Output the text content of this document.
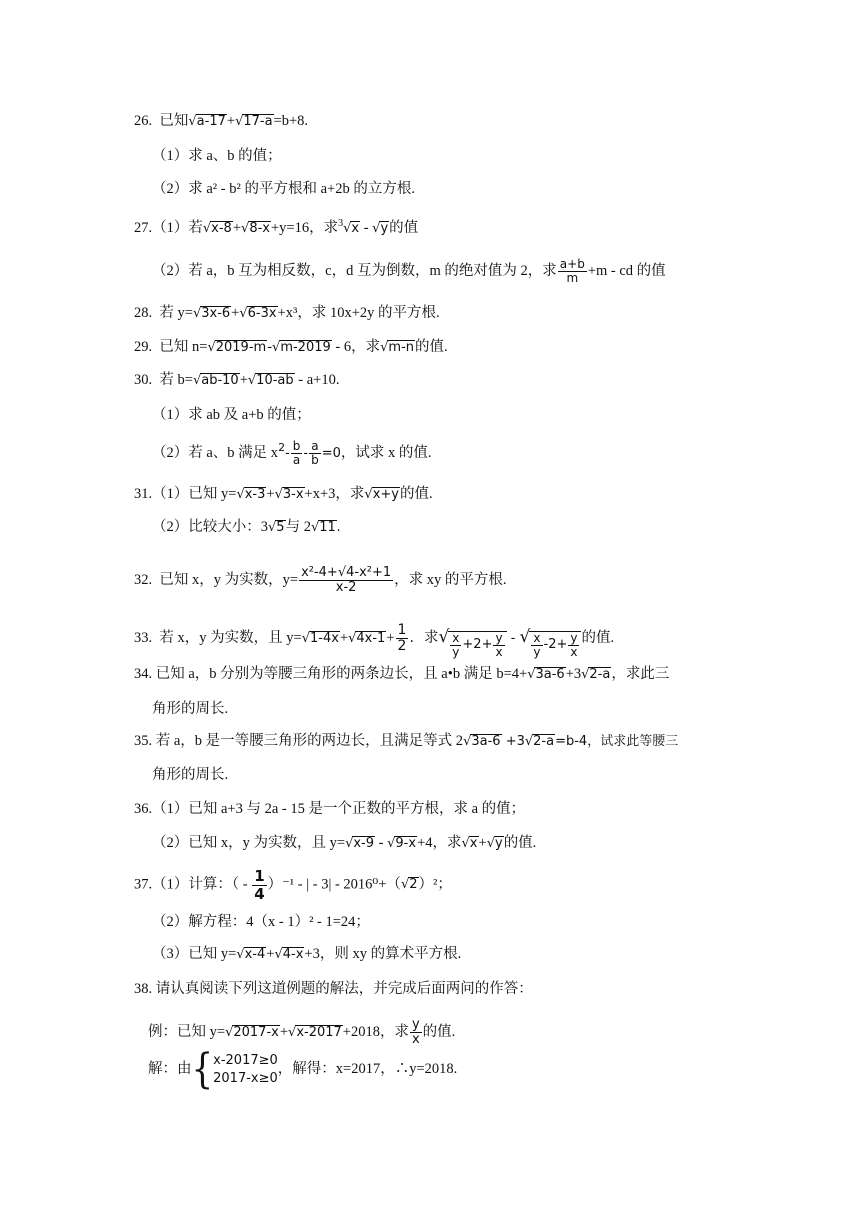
26. 已知√a-17+√17-a=b+8.
（1）求 a、b 的值；
（2）求 a² - b² 的平方根和 a+2b 的立方根.
27.（1）若√x-8+√8-x+y=16，求$^3$√x - √y的值
（2）若 a，b 互为相反数，c，d 互为倒数，m 的绝对值为 2，求 $\frac{a+b}{m} +m$ - cd 的值
28. 若 y=√3x-6+√6-3x+x³，求 10x+2y 的平方根.
29. 已知 n=√2019-m-√m-2019 - 6，求√m-n的值.
30. 若 b=√ab-10+√10-ab - a+10.
（1）求 ab 及 a+b 的值；
（2）若 a、b 满足 $x^2- \frac{b}{a} - \frac{a}{b} =0$，试求 x 的值.
31.（1）已知 y=√x-3+√3-x+x+3，求√x+y的值.
（2）比较大小：3√5与 2√11.
32. 已知 x，y 为实数，$y= \frac{\text{x²-4+√4-x²+1}}{x-2}$ ，求 xy 的平方根.
33. 若 x，y 为实数，且 $y=√1-4x+√4x-1+ \frac{1}{2}$ ．求√ $\frac{x}{y} +2+ \frac{y}{x}$ - √ $\frac{x}{y} -2+ \frac{y}{x}$ 的值.
34. 已知 a，b 分别为等腰三角形的两条边长，且 a•b 满足 b=4+√3a-6+3√2-a，求此三
角形的周长.
35. 若 a，b 是一等腰三角形的两边长，且满足等式 2√3a-6 +3√2-a=b-4，试求此等腰三
角形的周长.
36.（1）已知 a+3 与 2a - 15 是一个正数的平方根，求 a 的值；
（2）已知 x，y 为实数，且 y=√x-9 - √9-x+4，求√x+√y的值.
37.（1）计算：（ - $\frac{1}{4} )^{-1}$ - | - 3| - 2016⁰+（√2）²；
（2）解方程：4（x - 1）² - 1=24；
（3）已知 y=√x-4+√4-x+3，则 xy 的算术平方根.
38. 请认真阅读下列这道例题的解法，并完成后面两问的作答：
例：已知 y=√2017-x+√x-2017+2018，求 $\frac{y}{x}$ 的值.
解：由{ x-2017≥0
2017-x≥0
，解得：x=2017，∴y=2018.
